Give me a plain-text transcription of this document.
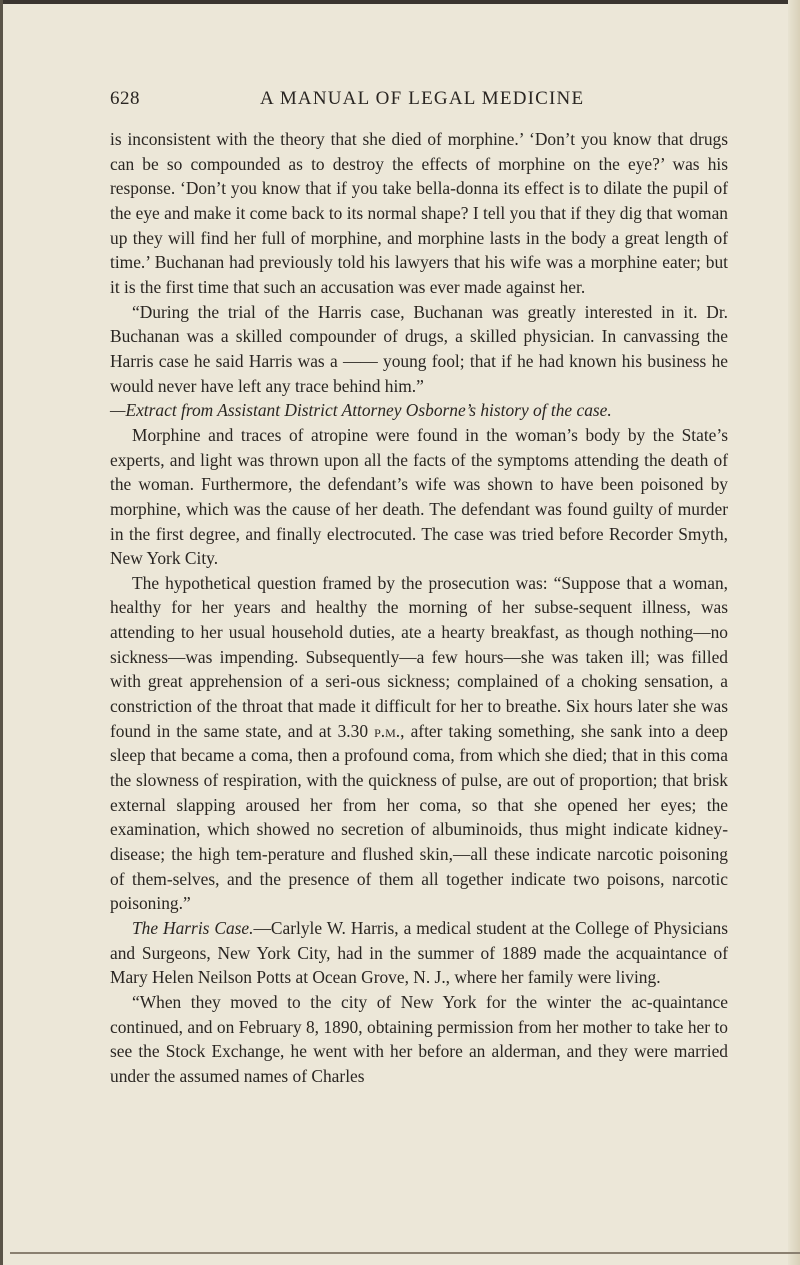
628	A MANUAL OF LEGAL MEDICINE

is inconsistent with the theory that she died of morphine.’ ‘Don’t you know that drugs can be so compounded as to destroy the effects of morphine on the eye?’ was his response. ‘Don’t you know that if you take bella-donna its effect is to dilate the pupil of the eye and make it come back to its normal shape? I tell you that if they dig that woman up they will find her full of morphine, and morphine lasts in the body a great length of time.’ Buchanan had previously told his lawyers that his wife was a morphine eater; but it is the first time that such an accusation was ever made against her.

“During the trial of the Harris case, Buchanan was greatly interested in it. Dr. Buchanan was a skilled compounder of drugs, a skilled physician. In canvassing the Harris case he said Harris was a —— young fool; that if he had known his business he would never have left any trace behind him.”

—Extract from Assistant District Attorney Osborne’s history of the case.

Morphine and traces of atropine were found in the woman’s body by the State’s experts, and light was thrown upon all the facts of the symptoms attending the death of the woman. Furthermore, the defendant’s wife was shown to have been poisoned by morphine, which was the cause of her death. The defendant was found guilty of murder in the first degree, and finally electrocuted. The case was tried before Recorder Smyth, New York City.

The hypothetical question framed by the prosecution was: “Suppose that a woman, healthy for her years and healthy the morning of her subse-sequent illness, was attending to her usual household duties, ate a hearty breakfast, as though nothing—no sickness—was impending. Subsequently—a few hours—she was taken ill; was filled with great apprehension of a seri-ous sickness; complained of a choking sensation, a constriction of the throat that made it difficult for her to breathe. Six hours later she was found in the same state, and at 3.30 p.m., after taking something, she sank into a deep sleep that became a coma, then a profound coma, from which she died; that in this coma the slowness of respiration, with the quickness of pulse, are out of proportion; that brisk external slapping aroused her from her coma, so that she opened her eyes; the examination, which showed no secretion of albuminoids, thus might indicate kidney-disease; the high tem-perature and flushed skin,—all these indicate narcotic poisoning of them-selves, and the presence of them all together indicate two poisons, narcotic poisoning.”

The Harris Case.—Carlyle W. Harris, a medical student at the College of Physicians and Surgeons, New York City, had in the summer of 1889 made the acquaintance of Mary Helen Neilson Potts at Ocean Grove, N. J., where her family were living.

“When they moved to the city of New York for the winter the ac-quaintance continued, and on February 8, 1890, obtaining permission from her mother to take her to see the Stock Exchange, he went with her before an alderman, and they were married under the assumed names of Charles
